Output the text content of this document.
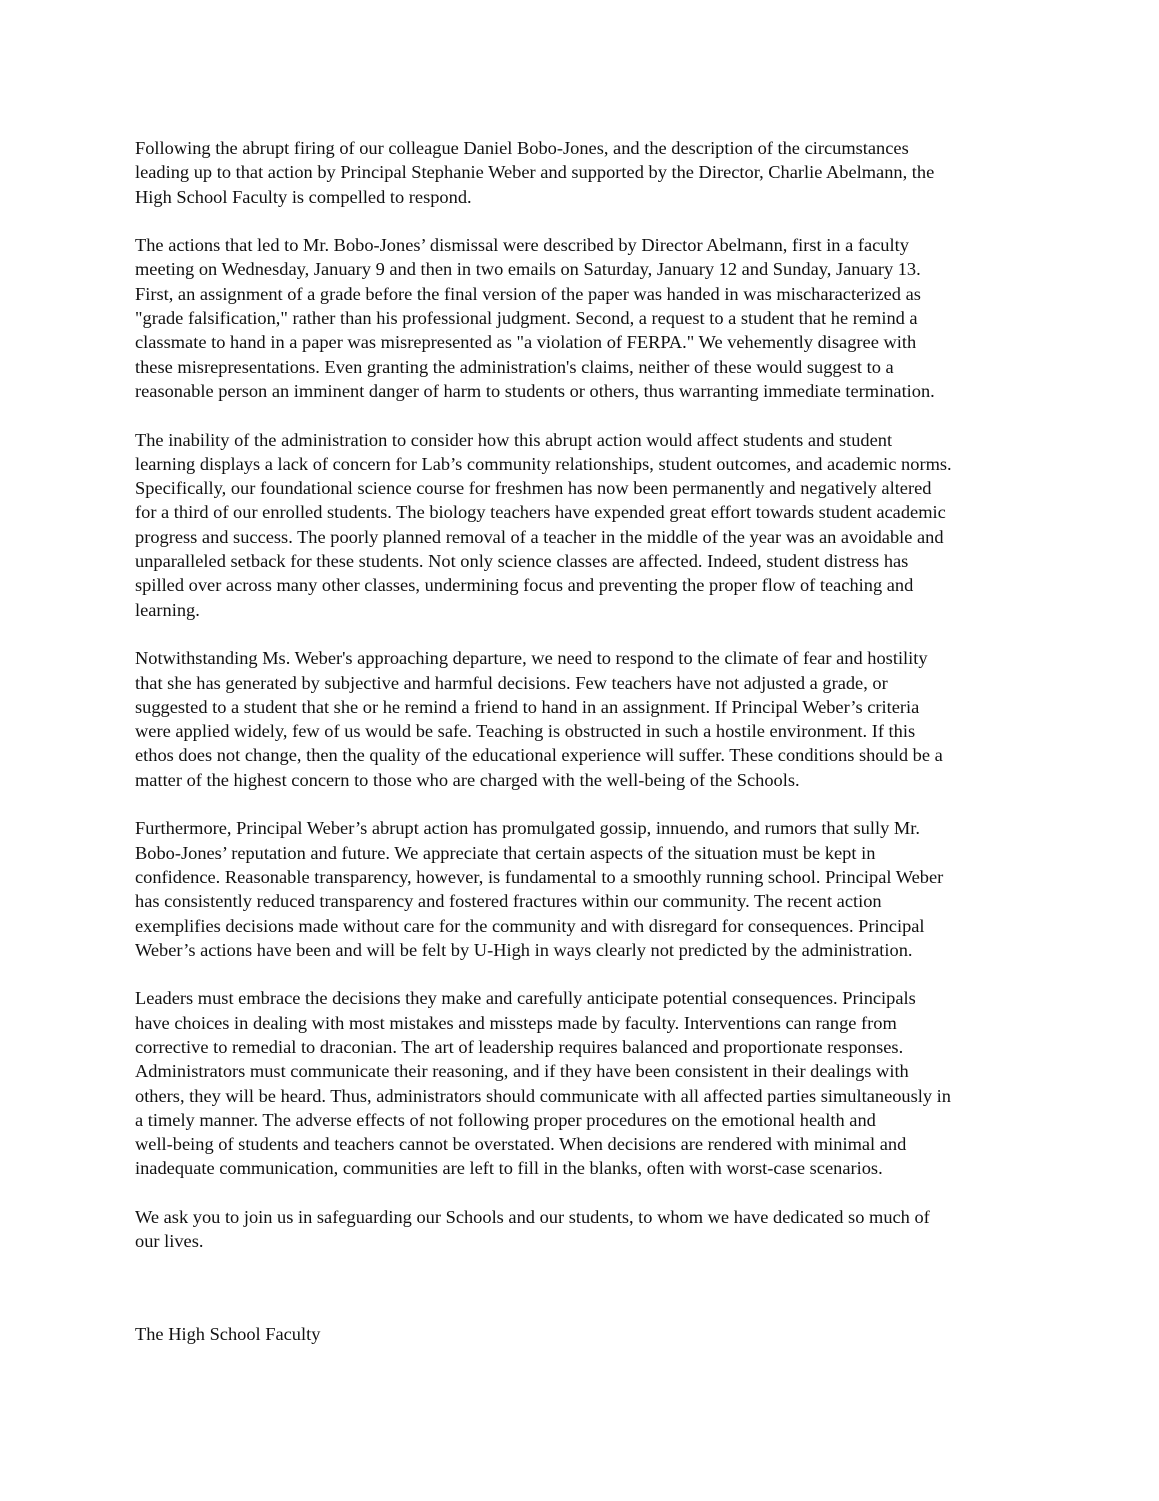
Following the abrupt firing of our colleague Daniel Bobo-Jones, and the description of the circumstances
leading up to that action by Principal Stephanie Weber and supported by the Director, Charlie Abelmann, the
High School Faculty is compelled to respond.

The actions that led to Mr. Bobo-Jones’ dismissal were described by Director Abelmann, first in a faculty
meeting on Wednesday, January 9 and then in two emails on Saturday, January 12 and Sunday, January 13.
First, an assignment of a grade before the final version of the paper was handed in was mischaracterized as
"grade falsification," rather than his professional judgment. Second, a request to a student that he remind a
classmate to hand in a paper was misrepresented as "a violation of FERPA." We vehemently disagree with
these misrepresentations. Even granting the administration's claims, neither of these would suggest to a
reasonable person an imminent danger of harm to students or others, thus warranting immediate termination.

The inability of the administration to consider how this abrupt action would affect students and student
learning displays a lack of concern for Lab’s community relationships, student outcomes, and academic norms.
Specifically, our foundational science course for freshmen has now been permanently and negatively altered
for a third of our enrolled students. The biology teachers have expended great effort towards student academic
progress and success. The poorly planned removal of a teacher in the middle of the year was an avoidable and
unparalleled setback for these students. Not only science classes are affected. Indeed, student distress has
spilled over across many other classes, undermining focus and preventing the proper flow of teaching and
learning.

Notwithstanding Ms. Weber's approaching departure, we need to respond to the climate of fear and hostility
that she has generated by subjective and harmful decisions. Few teachers have not adjusted a grade, or
suggested to a student that she or he remind a friend to hand in an assignment. If Principal Weber’s criteria
were applied widely, few of us would be safe. Teaching is obstructed in such a hostile environment. If this
ethos does not change, then the quality of the educational experience will suffer. These conditions should be a
matter of the highest concern to those who are charged with the well-being of the Schools.

Furthermore, Principal Weber’s abrupt action has promulgated gossip, innuendo, and rumors that sully Mr.
Bobo-Jones’ reputation and future. We appreciate that certain aspects of the situation must be kept in
confidence. Reasonable transparency, however, is fundamental to a smoothly running school. Principal Weber
has consistently reduced transparency and fostered fractures within our community. The recent action
exemplifies decisions made without care for the community and with disregard for consequences. Principal
Weber’s actions have been and will be felt by U-High in ways clearly not predicted by the administration.

Leaders must embrace the decisions they make and carefully anticipate potential consequences. Principals
have choices in dealing with most mistakes and missteps made by faculty. Interventions can range from
corrective to remedial to draconian. The art of leadership requires balanced and proportionate responses.
Administrators must communicate their reasoning, and if they have been consistent in their dealings with
others, they will be heard. Thus, administrators should communicate with all affected parties simultaneously in
a timely manner. The adverse effects of not following proper procedures on the emotional health and
well-being of students and teachers cannot be overstated. When decisions are rendered with minimal and
inadequate communication, communities are left to fill in the blanks, often with worst-case scenarios.

We ask you to join us in safeguarding our Schools and our students, to whom we have dedicated so much of
our lives.

The High School Faculty
